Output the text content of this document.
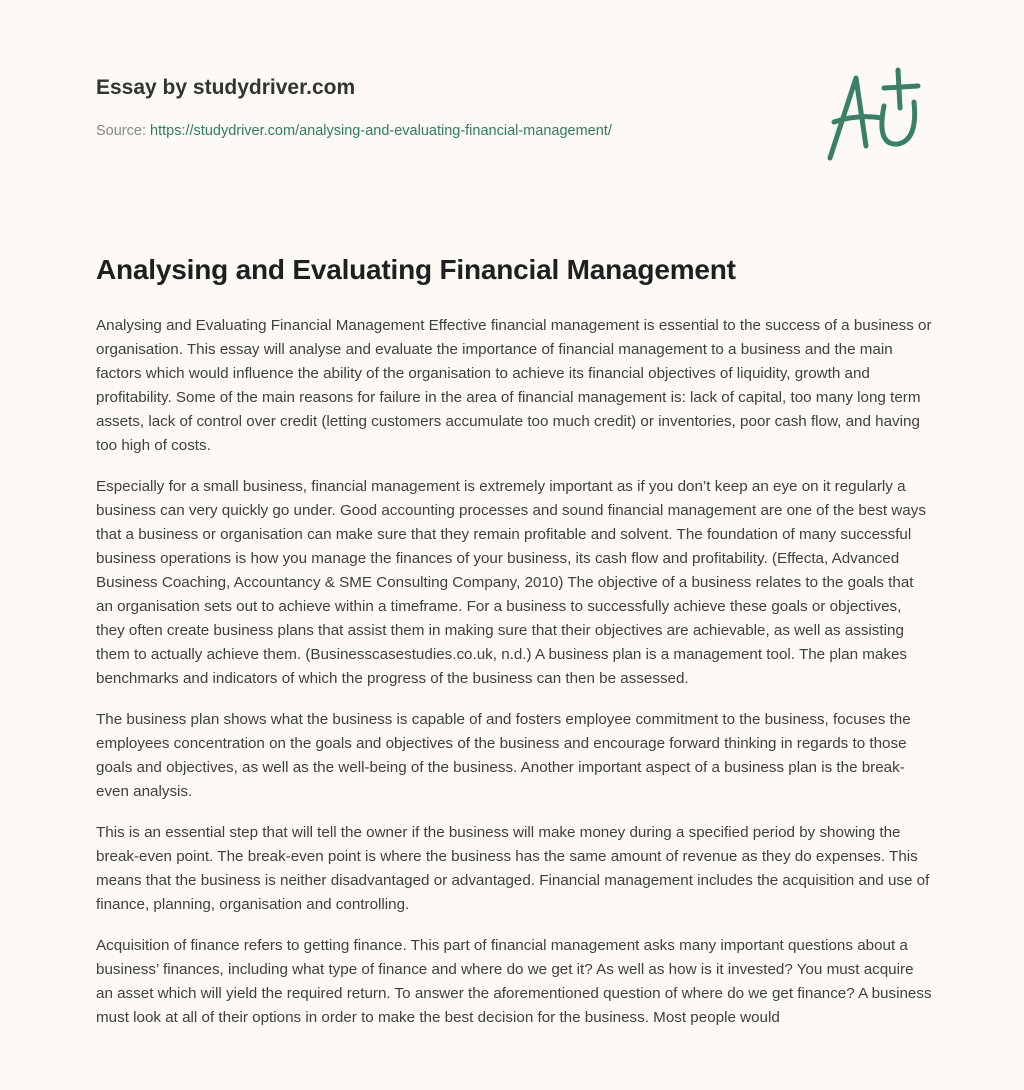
Essay by studydriver.com
Source: https://studydriver.com/analysing-and-evaluating-financial-management/
Analysing and Evaluating Financial Management

Analysing and Evaluating Financial Management Effective financial management is essential to the success of a business or organisation. This essay will analyse and evaluate the importance of financial management to a business and the main factors which would influence the ability of the organisation to achieve its financial objectives of liquidity, growth and profitability. Some of the main reasons for failure in the area of financial management is: lack of capital, too many long term assets, lack of control over credit (letting customers accumulate too much credit) or inventories, poor cash flow, and having too high of costs.

Especially for a small business, financial management is extremely important as if you don’t keep an eye on it regularly a business can very quickly go under. Good accounting processes and sound financial management are one of the best ways that a business or organisation can make sure that they remain profitable and solvent. The foundation of many successful business operations is how you manage the finances of your business, its cash flow and profitability. (Effecta, Advanced Business Coaching, Accountancy & SME Consulting Company, 2010) The objective of a business relates to the goals that an organisation sets out to achieve within a timeframe. For a business to successfully achieve these goals or objectives, they often create business plans that assist them in making sure that their objectives are achievable, as well as assisting them to actually achieve them. (Businesscasestudies.co.uk, n.d.) A business plan is a management tool. The plan makes benchmarks and indicators of which the progress of the business can then be assessed.

The business plan shows what the business is capable of and fosters employee commitment to the business, focuses the employees concentration on the goals and objectives of the business and encourage forward thinking in regards to those goals and objectives, as well as the well-being of the business. Another important aspect of a business plan is the break-even analysis.

This is an essential step that will tell the owner if the business will make money during a specified period by showing the break-even point. The break-even point is where the business has the same amount of revenue as they do expenses. This means that the business is neither disadvantaged or advantaged. Financial management includes the acquisition and use of finance, planning, organisation and controlling.

Acquisition of finance refers to getting finance. This part of financial management asks many important questions about a business’ finances, including what type of finance and where do we get it? As well as how is it invested? You must acquire an asset which will yield the required return. To answer the aforementioned question of where do we get finance? A business must look at all of their options in order to make the best decision for the business. Most people would
